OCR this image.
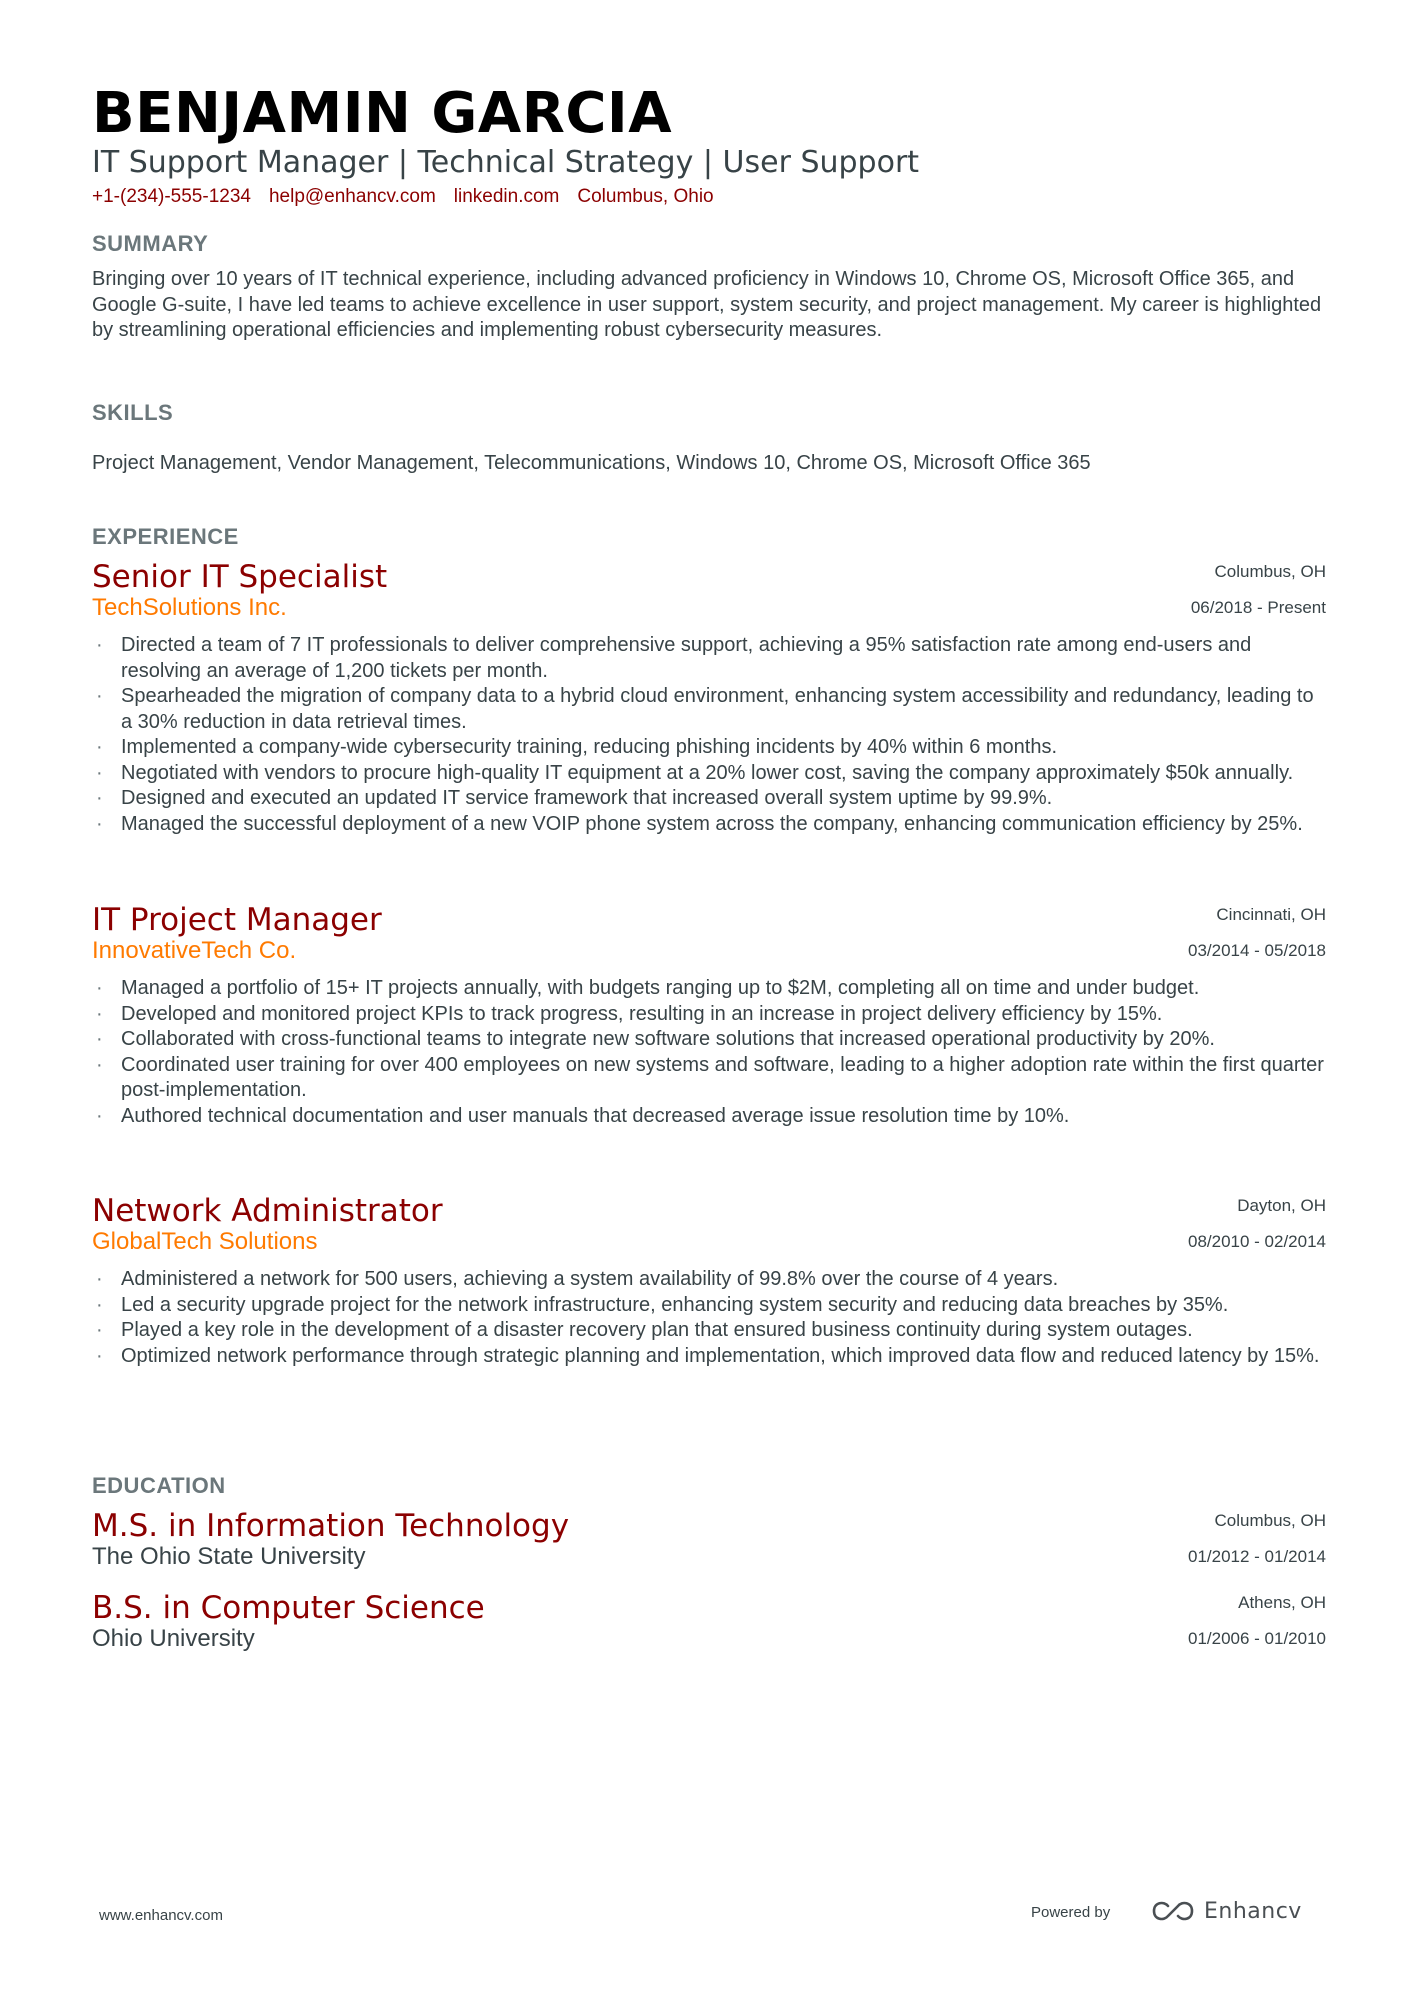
BENJAMIN GARCIA
IT Support Manager | Technical Strategy | User Support
+1-(234)-555-1234 help@enhancv.com linkedin.com Columbus, Ohio
SUMMARY
Bringing over 10 years of IT technical experience, including advanced proficiency in Windows 10, Chrome OS, Microsoft Office 365, and Google G-suite, I have led teams to achieve excellence in user support, system security, and project management. My career is highlighted by streamlining operational efficiencies and implementing robust cybersecurity measures.
SKILLS
Project Management, Vendor Management, Telecommunications, Windows 10, Chrome OS, Microsoft Office 365
EXPERIENCE
Senior IT Specialist
TechSolutions Inc.
Columbus, OH
06/2018 - Present
· Directed a team of 7 IT professionals to deliver comprehensive support, achieving a 95% satisfaction rate among end-users and resolving an average of 1,200 tickets per month.
· Spearheaded the migration of company data to a hybrid cloud environment, enhancing system accessibility and redundancy, leading to a 30% reduction in data retrieval times.
· Implemented a company-wide cybersecurity training, reducing phishing incidents by 40% within 6 months.
· Negotiated with vendors to procure high-quality IT equipment at a 20% lower cost, saving the company approximately $50k annually.
· Designed and executed an updated IT service framework that increased overall system uptime by 99.9%.
· Managed the successful deployment of a new VOIP phone system across the company, enhancing communication efficiency by 25%.
IT Project Manager
InnovativeTech Co.
Cincinnati, OH
03/2014 - 05/2018
· Managed a portfolio of 15+ IT projects annually, with budgets ranging up to $2M, completing all on time and under budget.
· Developed and monitored project KPIs to track progress, resulting in an increase in project delivery efficiency by 15%.
· Collaborated with cross-functional teams to integrate new software solutions that increased operational productivity by 20%.
· Coordinated user training for over 400 employees on new systems and software, leading to a higher adoption rate within the first quarter post-implementation.
· Authored technical documentation and user manuals that decreased average issue resolution time by 10%.
Network Administrator
GlobalTech Solutions
Dayton, OH
08/2010 - 02/2014
· Administered a network for 500 users, achieving a system availability of 99.8% over the course of 4 years.
· Led a security upgrade project for the network infrastructure, enhancing system security and reducing data breaches by 35%.
· Played a key role in the development of a disaster recovery plan that ensured business continuity during system outages.
· Optimized network performance through strategic planning and implementation, which improved data flow and reduced latency by 15%.
EDUCATION
M.S. in Information Technology
The Ohio State University
Columbus, OH
01/2012 - 01/2014
B.S. in Computer Science
Ohio University
Athens, OH
01/2006 - 01/2010
www.enhancv.com	Powered by	Enhancv
